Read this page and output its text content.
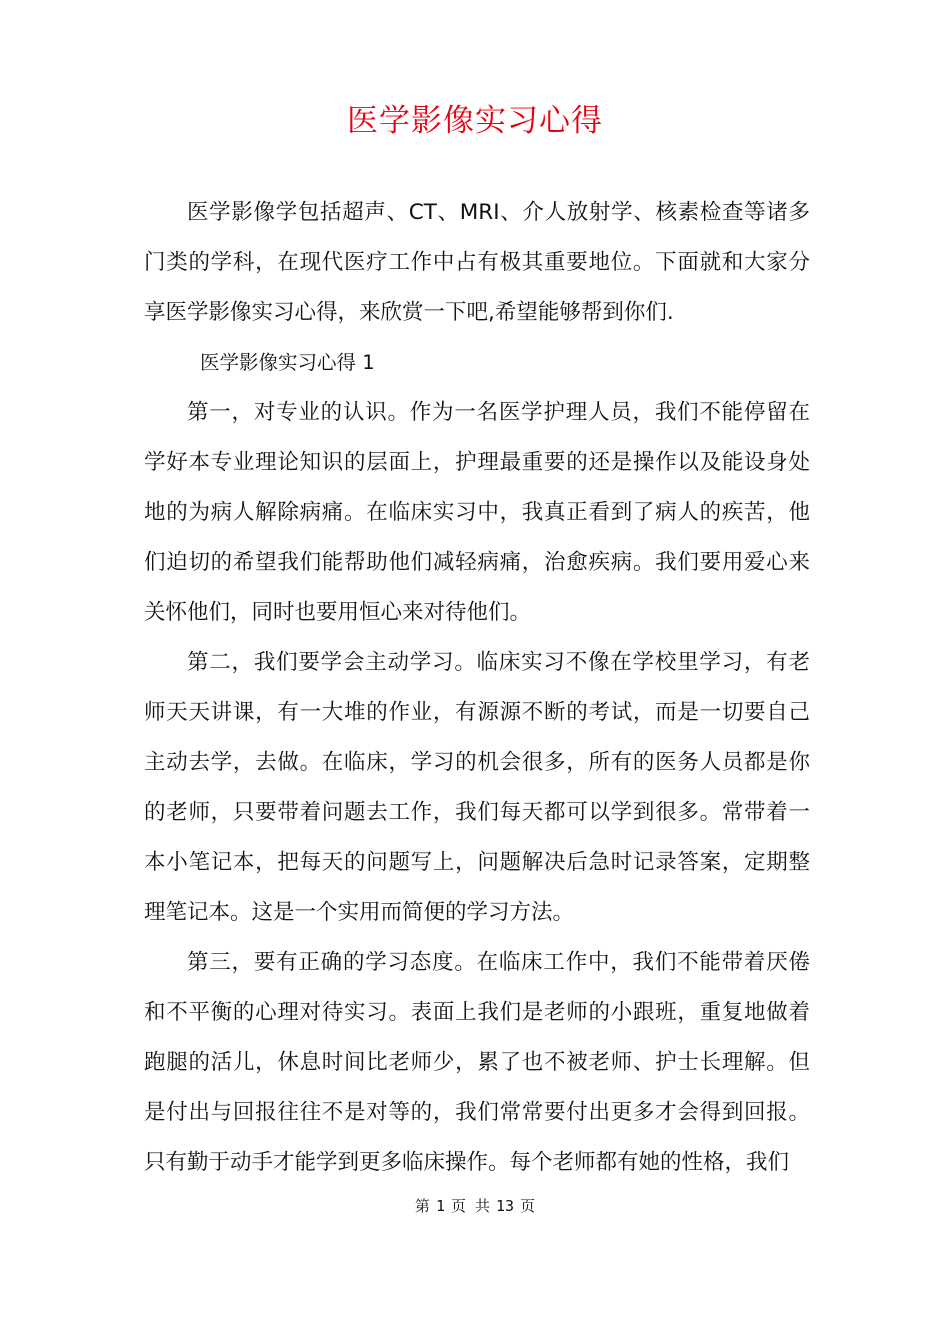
医学影像实习心得

医学影像学包括超声、CT、MRI、介人放射学、核素检查等诸多门类的学科，在现代医疗工作中占有极其重要地位。下面就和大家分享医学影像实习心得，来欣赏一下吧,希望能够帮到你们.

医学影像实习心得 1

第一，对专业的认识。作为一名医学护理人员，我们不能停留在学好本专业理论知识的层面上，护理最重要的还是操作以及能设身处地的为病人解除病痛。在临床实习中，我真正看到了病人的疾苦，他们迫切的希望我们能帮助他们减轻病痛，治愈疾病。我们要用爱心来关怀他们，同时也要用恒心来对待他们。

第二，我们要学会主动学习。临床实习不像在学校里学习，有老师天天讲课，有一大堆的作业，有源源不断的考试，而是一切要自己主动去学，去做。在临床，学习的机会很多，所有的医务人员都是你的老师，只要带着问题去工作，我们每天都可以学到很多。常带着一本小笔记本，把每天的问题写上，问题解决后急时记录答案，定期整理笔记本。这是一个实用而简便的学习方法。

第三，要有正确的学习态度。在临床工作中，我们不能带着厌倦和不平衡的心理对待实习。表面上我们是老师的小跟班，重复地做着跑腿的活儿，休息时间比老师少，累了也不被老师、护士长理解。但是付出与回报往往不是对等的，我们常常要付出更多才会得到回报。只有勤于动手才能学到更多临床操作。每个老师都有她的性格，我们

第 1 页 共 13 页
